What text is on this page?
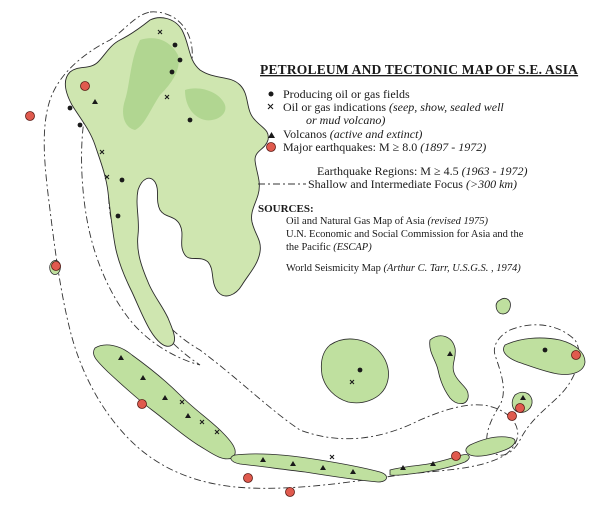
PETROLEUM AND TECTONIC MAP OF S.E. ASIA
Producing oil or gas fields
Oil or gas indications (seep, show, sealed well
or mud volcano)
Volcanos (active and extinct)
Major earthquakes: M ≥ 8.0 (1897 - 1972)
Earthquake Regions: M ≥ 4.5 (1963 - 1972)
Shallow and Intermediate Focus (>300 km)
SOURCES:
Oil and Natural Gas Map of Asia (revised 1975)
U.N. Economic and Social Commission for Asia and the
the Pacific (ESCAP)
World Seismicity Map (Arthur C. Tarr, U.S.G.S. , 1974)
